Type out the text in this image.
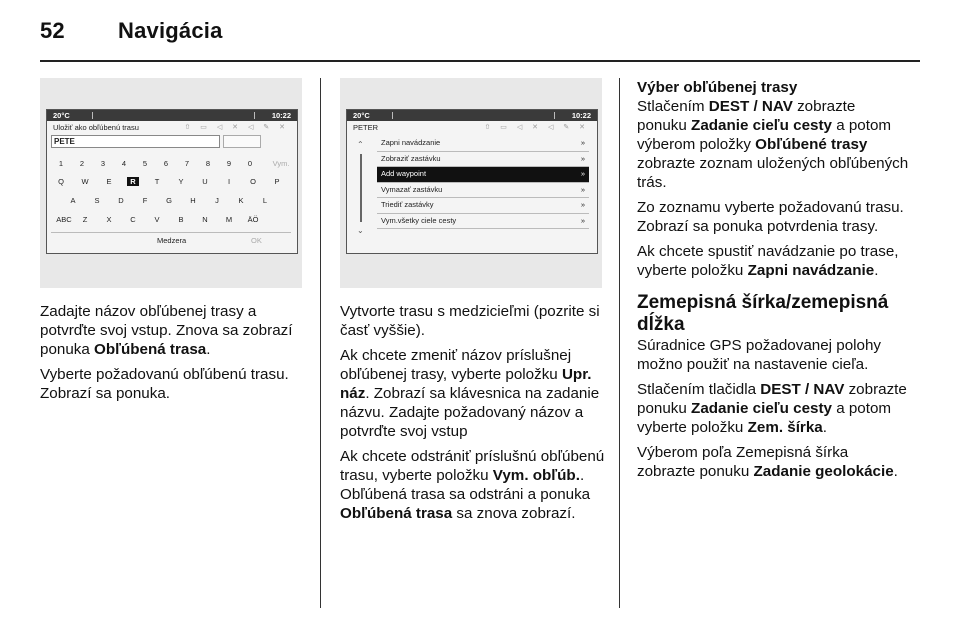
52 Navigácia
20°C	10:22
Uložiť ako obľúbenú trasu	⇧ ▭ ◁ ✕ ◁ ✎ ✕
PETE
1	2	3	4	5	6	7	8	9	0	Vym.
Q	W	E	R	T	Y	U	I	O	P
A	S	D	F	G	H	J	K	L
ABC	Z	X	C	V	B	N	M	ÄÖ
Medzera	OK
20°C	10:22
PETER	⇧ ▭ ◁ ✕ ◁ ✎ ✕
⌃
⌄
Zapni navádzanie	»
Zobraziť zastávku	»
Add waypoint	»
Vymazať zastávku	»
Triediť zastávky	»
Vym.všetky ciele cesty	»

Zadajte názov obľúbenej trasy a potvrďte svoj vstup. Znova sa zobrazí ponuka Obľúbená trasa.

Vyberte požadovanú obľúbenú trasu. Zobrazí sa ponuka.

Vytvorte trasu s medzicieľmi (pozrite si časť vyššie).

Ak chcete zmeniť názov príslušnej obľúbenej trasy, vyberte položku Upr. náz. Zobrazí sa klávesnica na zadanie názvu. Zadajte požadovaný názov a potvrďte svoj vstup

Ak chcete odstrániť príslušnú obľúbenú trasu, vyberte položku Vym. obľúb.. Obľúbená trasa sa odstráni a ponuka Obľúbená trasa sa znova zobrazí.

Výber obľúbenej trasy

Stlačením DEST / NAV zobrazte ponuku Zadanie cieľu cesty a potom výberom položky Obľúbené trasy zobrazte zoznam uložených obľúbených trás.

Zo zoznamu vyberte požadovanú trasu. Zobrazí sa ponuka potvrdenia trasy.

Ak chcete spustiť navádzanie po trase, vyberte položku Zapni navádzanie.

Zemepisná šírka/zemepisná dĺžka

Súradnice GPS požadovanej polohy možno použiť na nastavenie cieľa.

Stlačením tlačidla DEST / NAV zobrazte ponuku Zadanie cieľu cesty a potom vyberte položku Zem. šírka.

Výberom poľa Zemepisná šírka zobrazte ponuku Zadanie geolokácie.
